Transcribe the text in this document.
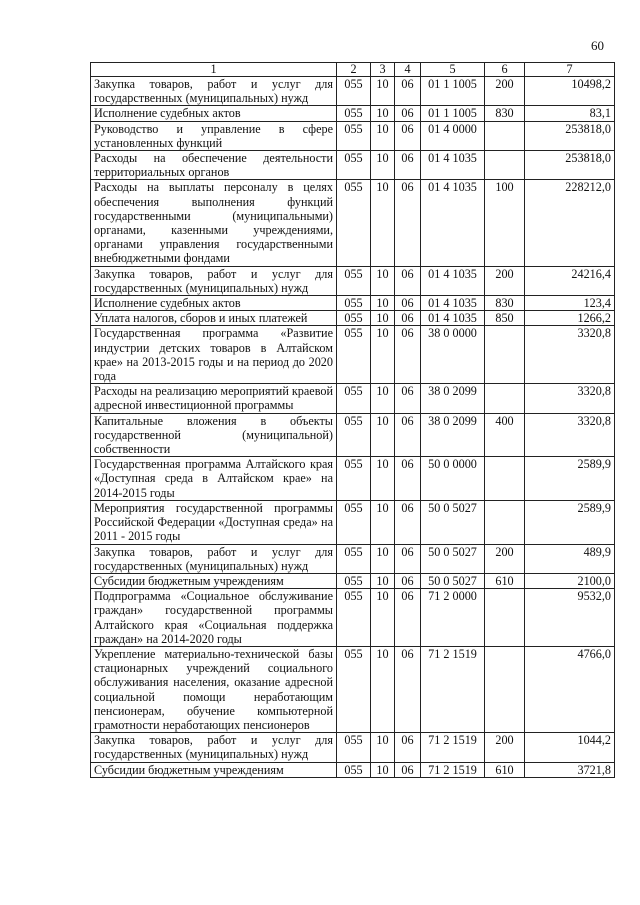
60
1	2	3	4	5	6	7
Закупка товаров, работ и услуг для государственных (муниципальных) нужд	055	10	06	01 1 1005	200	10498,2
Исполнение судебных актов	055	10	06	01 1 1005	830	83,1
Руководство и управление в сфере установленных функций	055	10	06	01 4 0000		253818,0
Расходы на обеспечение деятельности территориальных органов	055	10	06	01 4 1035		253818,0
Расходы на выплаты персоналу в целях обеспечения выполнения функций государственными (муниципальными) органами, казенными учреждениями, органами управления государственными внебюджетными фондами	055	10	06	01 4 1035	100	228212,0
Закупка товаров, работ и услуг для государственных (муниципальных) нужд	055	10	06	01 4 1035	200	24216,4
Исполнение судебных актов	055	10	06	01 4 1035	830	123,4
Уплата налогов, сборов и иных платежей	055	10	06	01 4 1035	850	1266,2
Государственная программа «Развитие индустрии детских товаров в Алтайском крае» на 2013-2015 годы и на период до 2020 года	055	10	06	38 0 0000		3320,8
Расходы на реализацию мероприятий краевой адресной инвестиционной программы	055	10	06	38 0 2099		3320,8
Капитальные вложения в объекты государственной (муниципальной) собственности	055	10	06	38 0 2099	400	3320,8
Государственная программа Алтайского края «Доступная среда в Алтайском крае» на 2014-2015 годы	055	10	06	50 0 0000		2589,9
Мероприятия государственной программы Российской Федерации «Доступная среда» на 2011 - 2015 годы	055	10	06	50 0 5027		2589,9
Закупка товаров, работ и услуг для государственных (муниципальных) нужд	055	10	06	50 0 5027	200	489,9
Субсидии бюджетным учреждениям	055	10	06	50 0 5027	610	2100,0
Подпрограмма «Социальное обслуживание граждан» государственной программы Алтайского края «Социальная поддержка граждан» на 2014-2020 годы	055	10	06	71 2 0000		9532,0
Укрепление материально-технической базы стационарных учреждений социального обслуживания населения, оказание адресной социальной помощи неработающим пенсионерам, обучение компьютерной грамотности неработающих пенсионеров	055	10	06	71 2 1519		4766,0
Закупка товаров, работ и услуг для государственных (муниципальных) нужд	055	10	06	71 2 1519	200	1044,2
Субсидии бюджетным учреждениям	055	10	06	71 2 1519	610	3721,8
